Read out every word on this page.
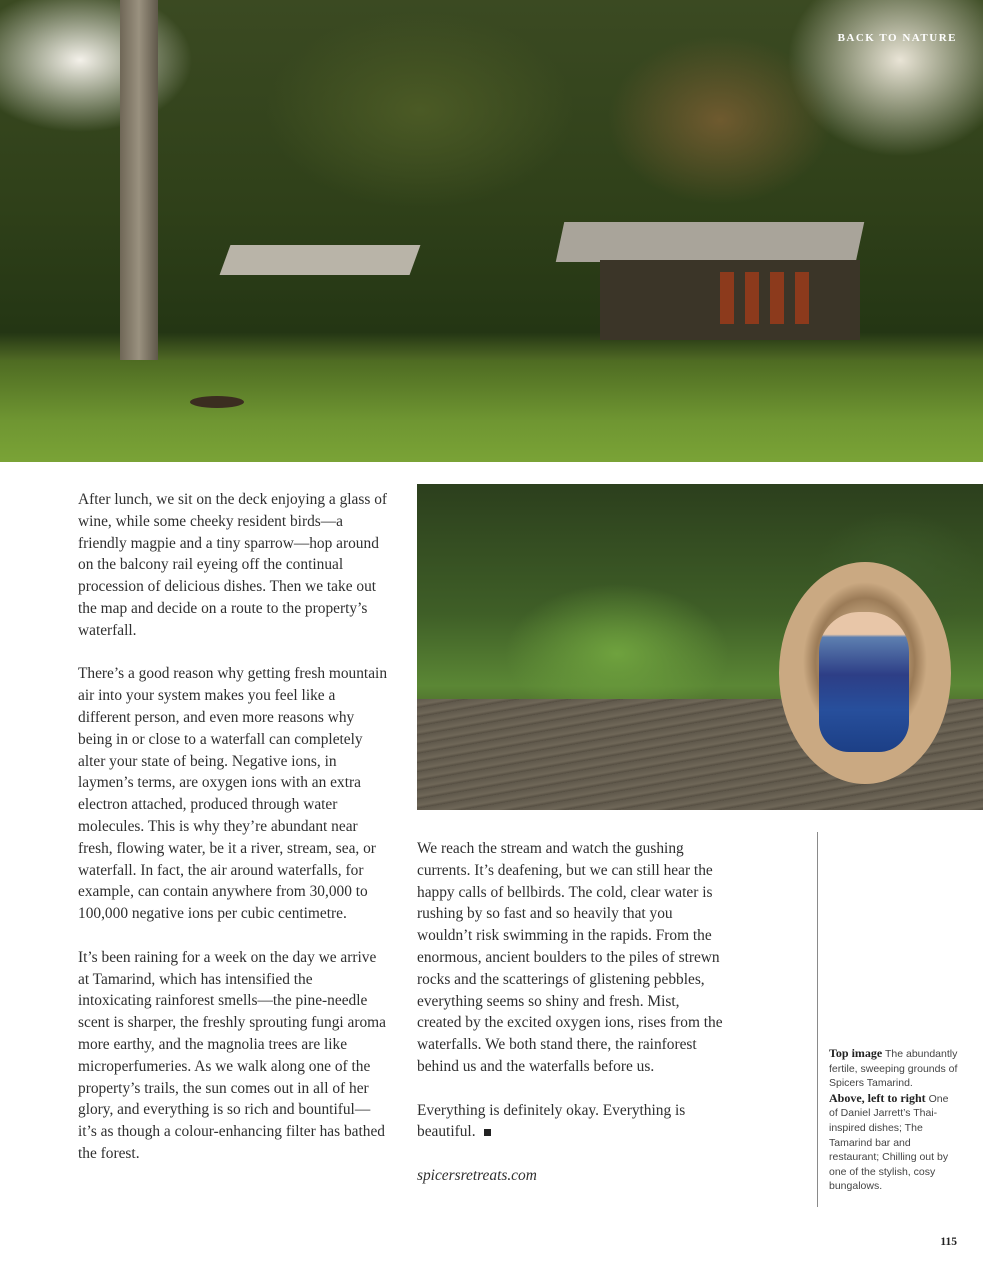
BACK TO NATURE

After lunch, we sit on the deck enjoying a glass of wine, while some cheeky resident birds—a friendly magpie and a tiny sparrow—hop around on the balcony rail eyeing off the continual procession of delicious dishes. Then we take out the map and decide on a route to the property’s waterfall.

There’s a good reason why getting fresh mountain air into your system makes you feel like a different person, and even more reasons why being in or close to a waterfall can completely alter your state of being. Negative ions, in laymen’s terms, are oxygen ions with an extra electron attached, produced through water molecules. This is why they’re abundant near fresh, flowing water, be it a river, stream, sea, or waterfall. In fact, the air around waterfalls, for example, can contain anywhere from 30,000 to 100,000 negative ions per cubic centimetre.

It’s been raining for a week on the day we arrive at Tamarind, which has intensified the intoxicating rainforest smells—the pine-needle scent is sharper, the freshly sprouting fungi aroma more earthy, and the magnolia trees are like microperfumeries. As we walk along one of the property’s trails, the sun comes out in all of her glory, and everything is so rich and bountiful—it’s as though a colour-enhancing filter has bathed the forest.

We reach the stream and watch the gushing currents. It’s deafening, but we can still hear the happy calls of bellbirds. The cold, clear water is rushing by so fast and so heavily that you wouldn’t risk swimming in the rapids. From the enormous, ancient boulders to the piles of strewn rocks and the scatterings of glistening pebbles, everything seems so shiny and fresh. Mist, created by the excited oxygen ions, rises from the waterfalls. We both stand there, the rainforest behind us and the waterfalls before us.

Everything is definitely okay. Everything is beautiful.

spicersretreats.com

Top image The abundantly fertile, sweeping grounds of Spicers Tamarind.
Above, left to right One of Daniel Jarrett’s Thai-inspired dishes; The Tamarind bar and restaurant; Chilling out by one of the stylish, cosy bungalows.
115
